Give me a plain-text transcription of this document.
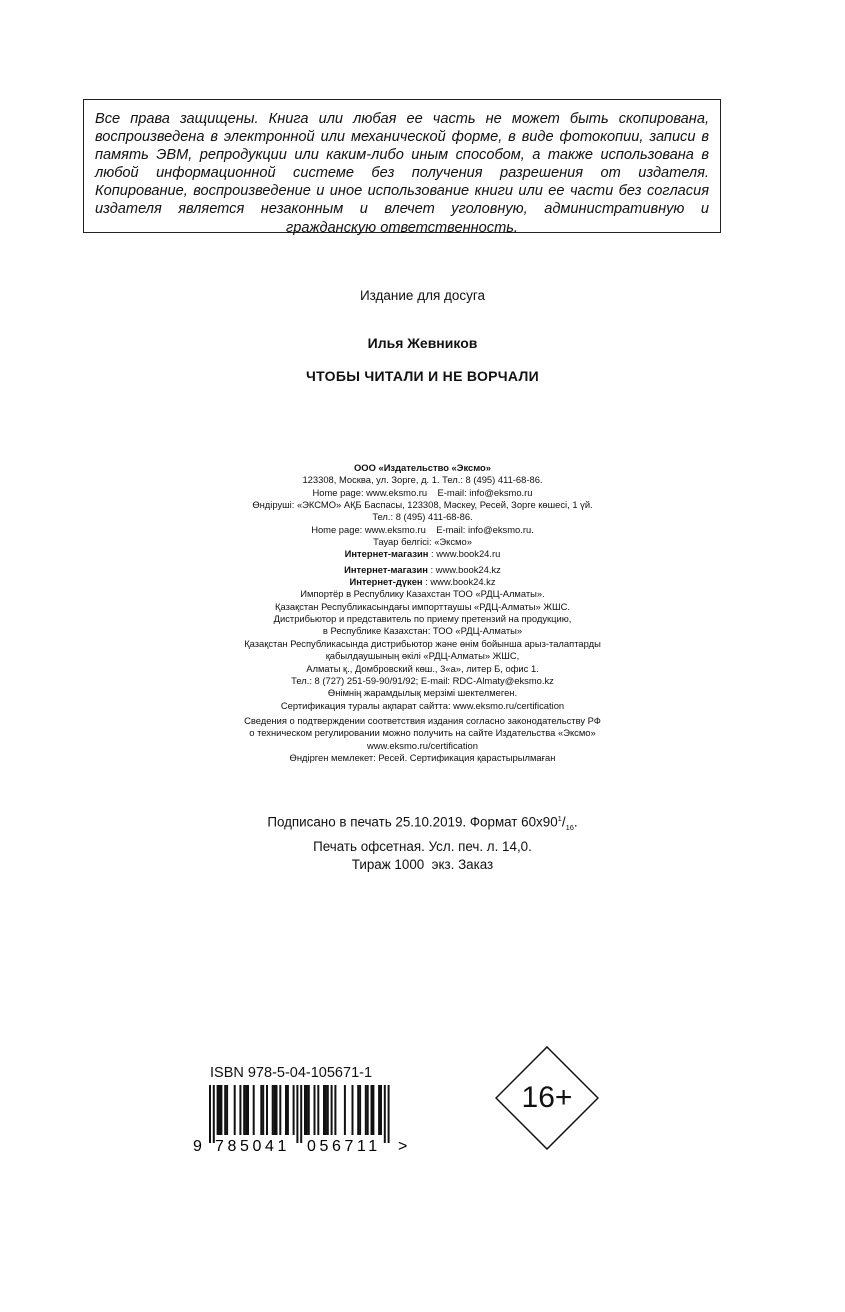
Все права защищены. Книга или любая ее часть не может быть скопирована, воспроизведена в электронной или механической форме, в виде фотокопии, записи в память ЭВМ, репродукции или каким-либо иным способом, а также использована в любой информационной системе без получения разрешения от издателя. Копирование, воспроизведение и иное использование книги или ее части без согласия издателя является незаконным и влечет уголовную, административную и гражданскую ответственность.

Издание для досуга
Илья Жевников
ЧТОБЫ ЧИТАЛИ И НЕ ВОРЧАЛИ
ООО «Издательство «Эксмо»
123308, Москва, ул. Зорге, д. 1. Тел.: 8 (495) 411-68-86.
Home page: www.eksmo.ru    E-mail: info@eksmo.ru
Өндіруші: «ЭКСМО» АҚБ Баспасы, 123308, Мәскеу, Ресей, Зорге көшесі, 1 үй.
Тел.: 8 (495) 411-68-86.
Home page: www.eksmo.ru    E-mail: info@eksmo.ru.
Тауар белгісі: «Эксмо»
Интернет-магазин : www.book24.ru
Интернет-магазин : www.book24.kz
Интернет-дүкен : www.book24.kz
Импортёр в Республику Казахстан ТОО «РДЦ-Алматы».
Қазақстан Республикасындағы импорттаушы «РДЦ-Алматы» ЖШС.
Дистрибьютор и представитель по приему претензий на продукцию,
в Республике Казахстан: ТОО «РДЦ-Алматы»
Қазақстан Республикасында дистрибьютор және өнім бойынша арыз-талаптарды
қабылдаушының өкілі «РДЦ-Алматы» ЖШС,
Алматы қ., Домбровский көш., 3«а», литер Б, офис 1.
Тел.: 8 (727) 251-59-90/91/92; E-mail: RDC-Almaty@eksmo.kz
Өнімнің жарамдылық мерзімі шектелмеген.
Сертификация туралы ақпарат сайтта: www.eksmo.ru/certification
Сведения о подтверждении соответствия издания согласно законодательству РФ
о техническом регулировании можно получить на сайте Издательства «Эксмо»
www.eksmo.ru/certification
Өндірген мемлекет: Ресей. Сертификация қарастырылмаған
Подписано в печать 25.10.2019. Формат $60x90^1/_{16}$.
Печать офсетная. Усл. печ. л. 14,0.
Тираж 1000  экз. Заказ
ISBN 978-5-04-105671-1
9 785041 056711 >
16+
